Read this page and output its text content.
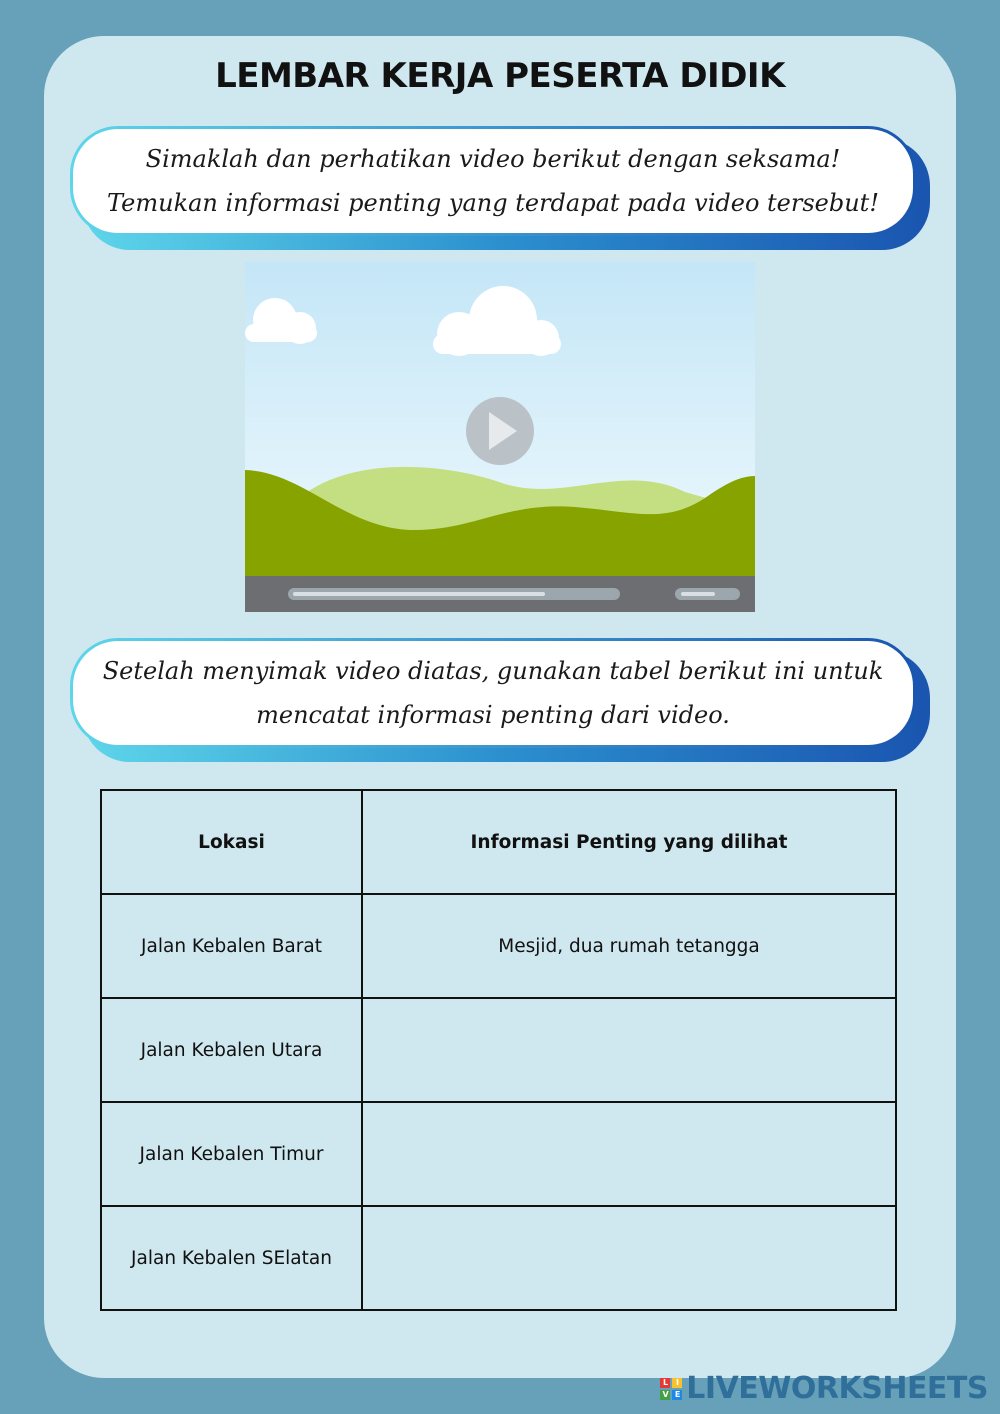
LEMBAR KERJA PESERTA DIDIK
Simaklah dan perhatikan video berikut dengan seksama! Temukan informasi penting yang terdapat pada video tersebut!
Setelah menyimak video diatas, gunakan tabel berikut ini untuk mencatat informasi penting dari video.
Lokasi	Informasi Penting yang dilihat
Jalan Kebalen Barat	Mesjid, dua rumah tetangga
Jalan Kebalen Utara	
Jalan Kebalen Timur	
Jalan Kebalen SElatan	
L	I
V E LIVEWORKSHEETS
